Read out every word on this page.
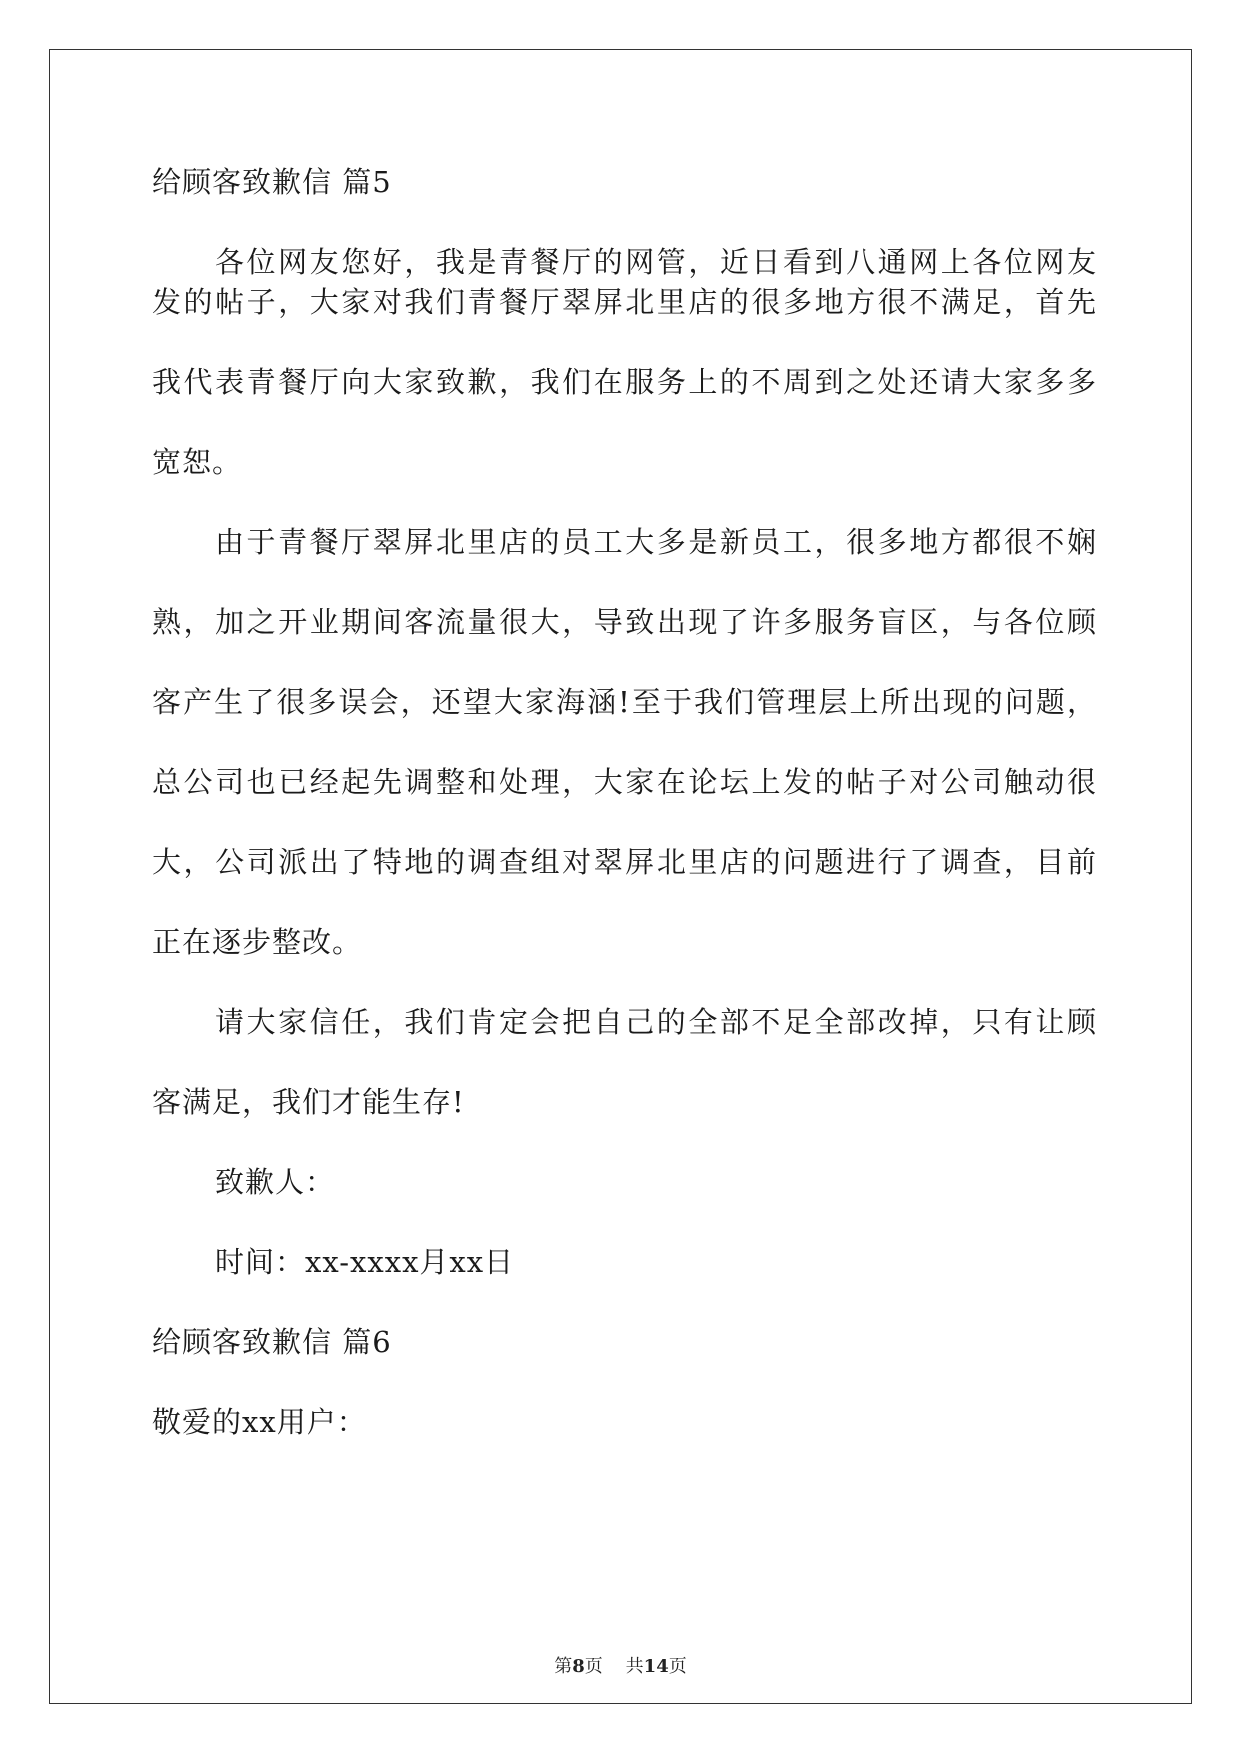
给顾客致歉信 篇5
各位网友您好，我是青餐厅的网管，近日看到八通网上各位网友
发的帖子，大家对我们青餐厅翠屏北里店的很多地方很不满足，首先
我代表青餐厅向大家致歉，我们在服务上的不周到之处还请大家多多
宽恕。
由于青餐厅翠屏北里店的员工大多是新员工，很多地方都很不娴
熟，加之开业期间客流量很大，导致出现了许多服务盲区，与各位顾
客产生了很多误会，还望大家海涵!至于我们管理层上所出现的问题，
总公司也已经起先调整和处理，大家在论坛上发的帖子对公司触动很
大，公司派出了特地的调查组对翠屏北里店的问题进行了调查，目前
正在逐步整改。
请大家信任，我们肯定会把自己的全部不足全部改掉，只有让顾
客满足，我们才能生存!
致歉人：
时间：xx-xxxx月xx日
给顾客致歉信 篇6
敬爱的xx用户：
第8页 共14页
